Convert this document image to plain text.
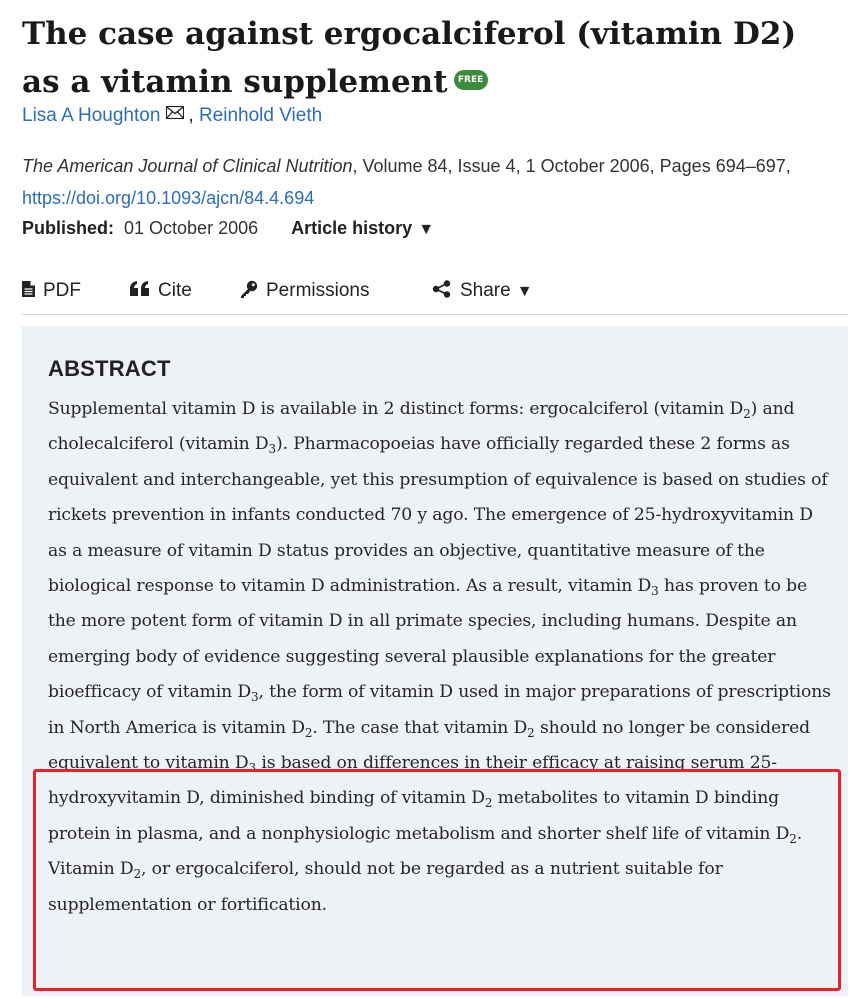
The case against ergocalciferol (vitamin D2) as a vitamin supplement FREE
Lisa A Houghton , Reinhold Vieth
The American Journal of Clinical Nutrition, Volume 84, Issue 4, 1 October 2006, Pages 694–697, https://doi.org/10.1093/ajcn/84.4.694
Published: 01 October 2006 Article history ▼
PDF	Cite	Permissions	Share ▼
ABSTRACT

Supplemental vitamin D is available in 2 distinct forms: ergocalciferol (vitamin $D_2$) and cholecalciferol (vitamin $D_3$). Pharmacopoeias have officially regarded these 2 forms as equivalent and interchangeable, yet this presumption of equivalence is based on studies of rickets prevention in infants conducted 70 y ago. The emergence of 25-hydroxyvitamin D as a measure of vitamin D status provides an objective, quantitative measure of the biological response to vitamin D administration. As a result, vitamin $D_3$ has proven to be the more potent form of vitamin D in all primate species, including humans. Despite an emerging body of evidence suggesting several plausible explanations for the greater bioefficacy of vitamin $D_3$, the form of vitamin D used in major preparations of prescriptions in North America is vitamin $D_2$. The case that vitamin $D_2$ should no longer be considered equivalent to vitamin $D_3$ is based on differences in their efficacy at raising serum 25-hydroxyvitamin D, diminished binding of vitamin $D_2$ metabolites to vitamin D binding protein in plasma, and a nonphysiologic metabolism and shorter shelf life of vitamin $D_2$. Vitamin $D_2$, or ergocalciferol, should not be regarded as a nutrient suitable for supplementation or fortification.
